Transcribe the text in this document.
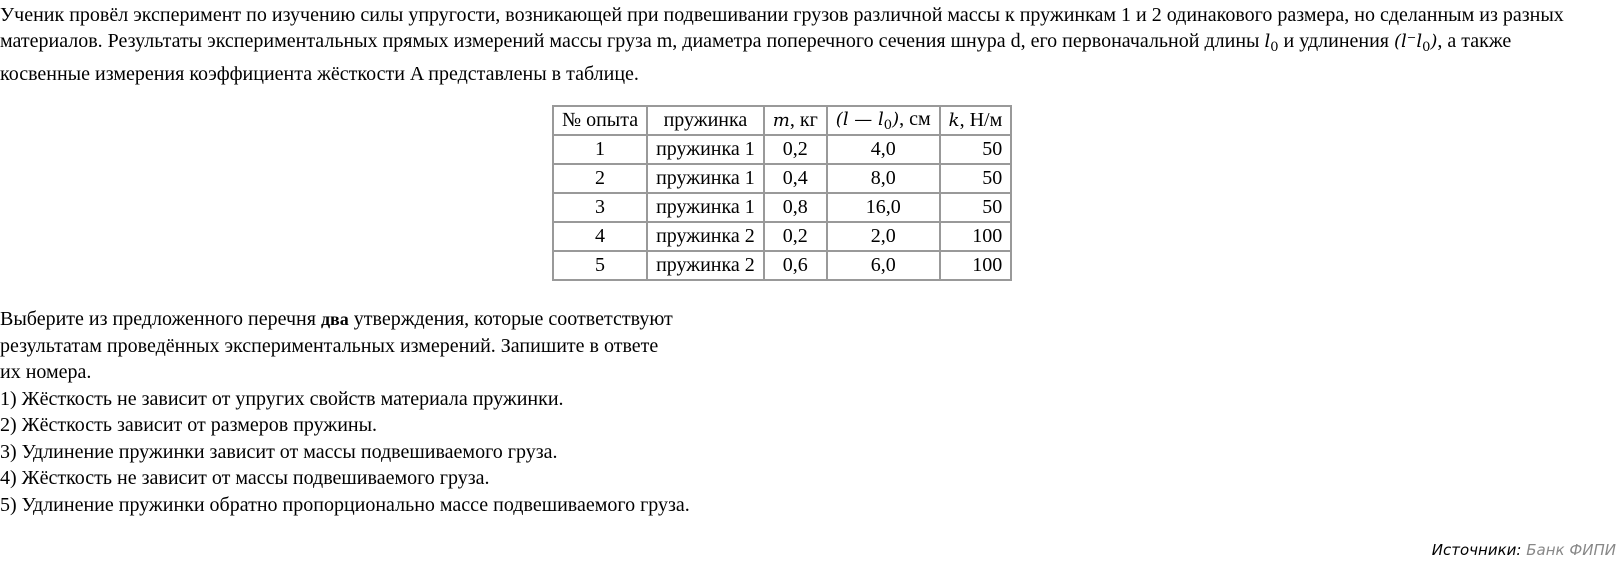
Ученик провёл эксперимент по изучению силы упругости, возникающей при подвешивании грузов различной массы к пружинкам 1 и 2 одинакового размера, но сделанным из разных материалов. Результаты экспериментальных прямых измерений массы груза m, диаметра поперечного сечения шнура d, его первоначальной длины $l_0$ и удлинения $(l^-l_0)$, а также косвенные измерения коэффициента жёсткости A представлены в таблице.

№ опыта	пружинка	m, кг	(l — $l_0$), см	k, Н/м
1	пружинка 1	0,2	4,0	50
2	пружинка 1	0,4	8,0	50
3	пружинка 1	0,8	16,0	50
4	пружинка 2	0,2	2,0	100
5	пружинка 2	0,6	6,0	100
Выберите из предложенного перечня два утверждения, которые соответствуют
результатам проведённых экспериментальных измерений. Запишите в ответе
их номера.
1) Жёсткость не зависит от упругих свойств материала пружинки.
2) Жёсткость зависит от размеров пружины.
3) Удлинение пружинки зависит от массы подвешиваемого груза.
4) Жёсткость не зависит от массы подвешиваемого груза.
5) Удлинение пружинки обратно пропорционально массе подвешиваемого груза.
Источники: Банк ФИПИ
